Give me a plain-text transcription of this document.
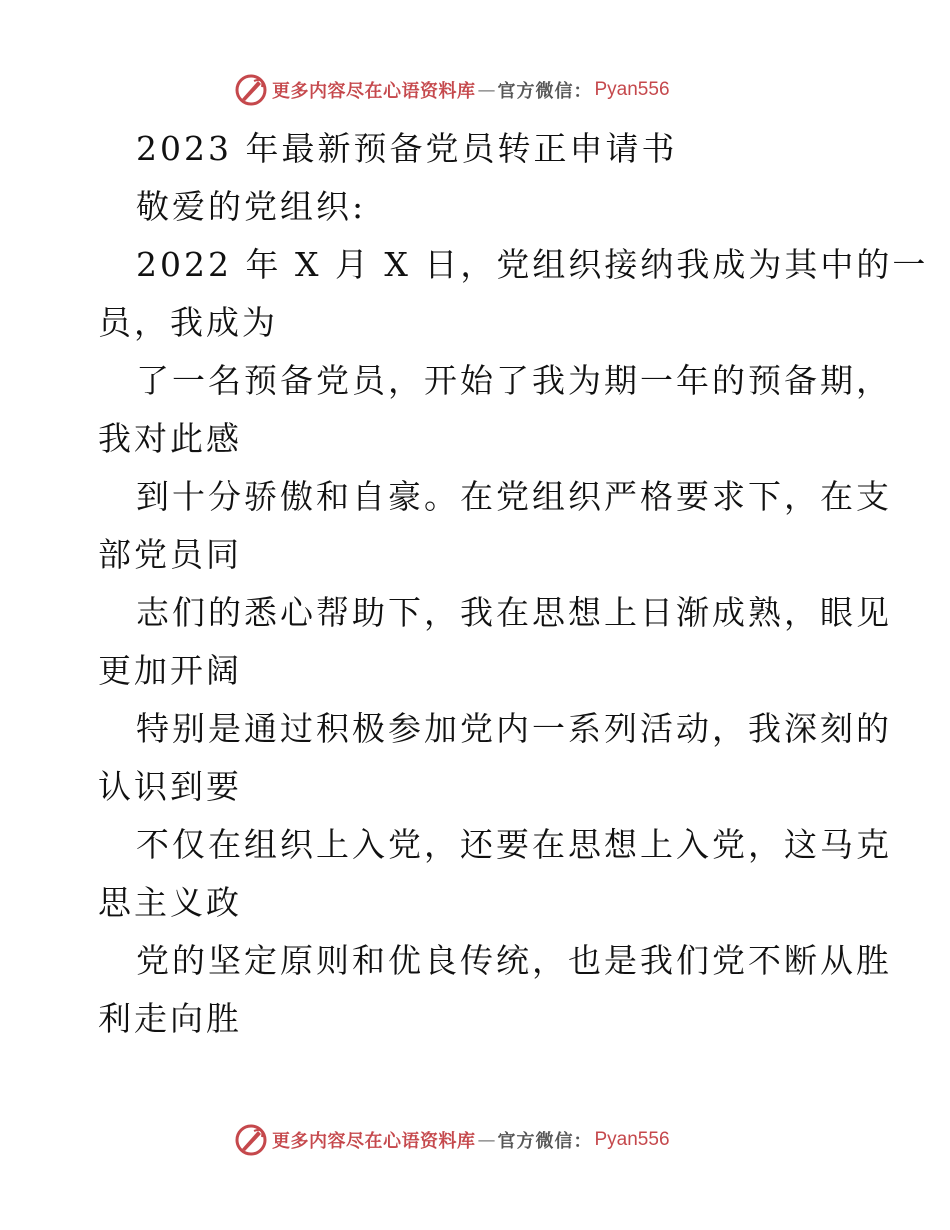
更多内容尽在心语资料库 — 官方微信： Pyan556
2023 年最新预备党员转正申请书
敬爱的党组织:
2022 年 X 月 X 日，党组织接纳我成为其中的一
员，我成为
了一名预备党员，开始了我为期一年的预备期，
我对此感
到十分骄傲和自豪。在党组织严格要求下，在支
部党员同
志们的悉心帮助下，我在思想上日渐成熟，眼见
更加开阔
特别是通过积极参加党内一系列活动，我深刻的
认识到要
不仅在组织上入党，还要在思想上入党，这马克
思主义政
党的坚定原则和优良传统，也是我们党不断从胜
利走向胜
更多内容尽在心语资料库 — 官方微信： Pyan556
